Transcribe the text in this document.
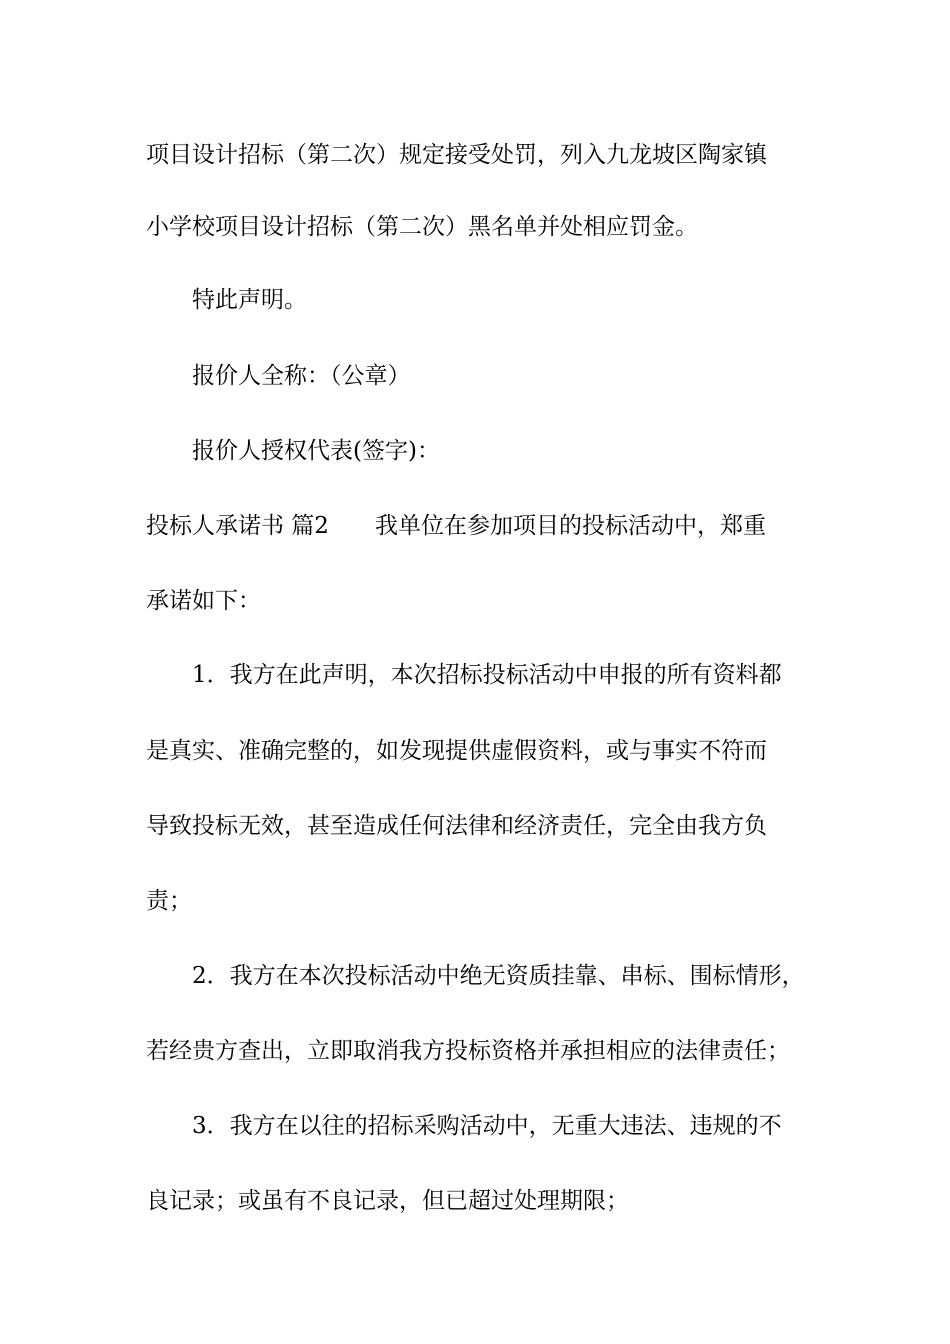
项目设计招标（第二次）规定接受处罚，列入九龙坡区陶家镇
小学校项目设计招标（第二次）黑名单并处相应罚金。
特此声明。
报价人全称：（公章）
报价人授权代表(签字)：
投标人承诺书 篇2 我单位在参加项目的投标活动中，郑重
承诺如下：
1．我方在此声明，本次招标投标活动中申报的所有资料都
是真实、准确完整的，如发现提供虚假资料，或与事实不符而
导致投标无效，甚至造成任何法律和经济责任，完全由我方负
责；
2．我方在本次投标活动中绝无资质挂靠、串标、围标情形，
若经贵方查出，立即取消我方投标资格并承担相应的法律责任；
3．我方在以往的招标采购活动中，无重大违法、违规的不
良记录；或虽有不良记录，但已超过处理期限；
